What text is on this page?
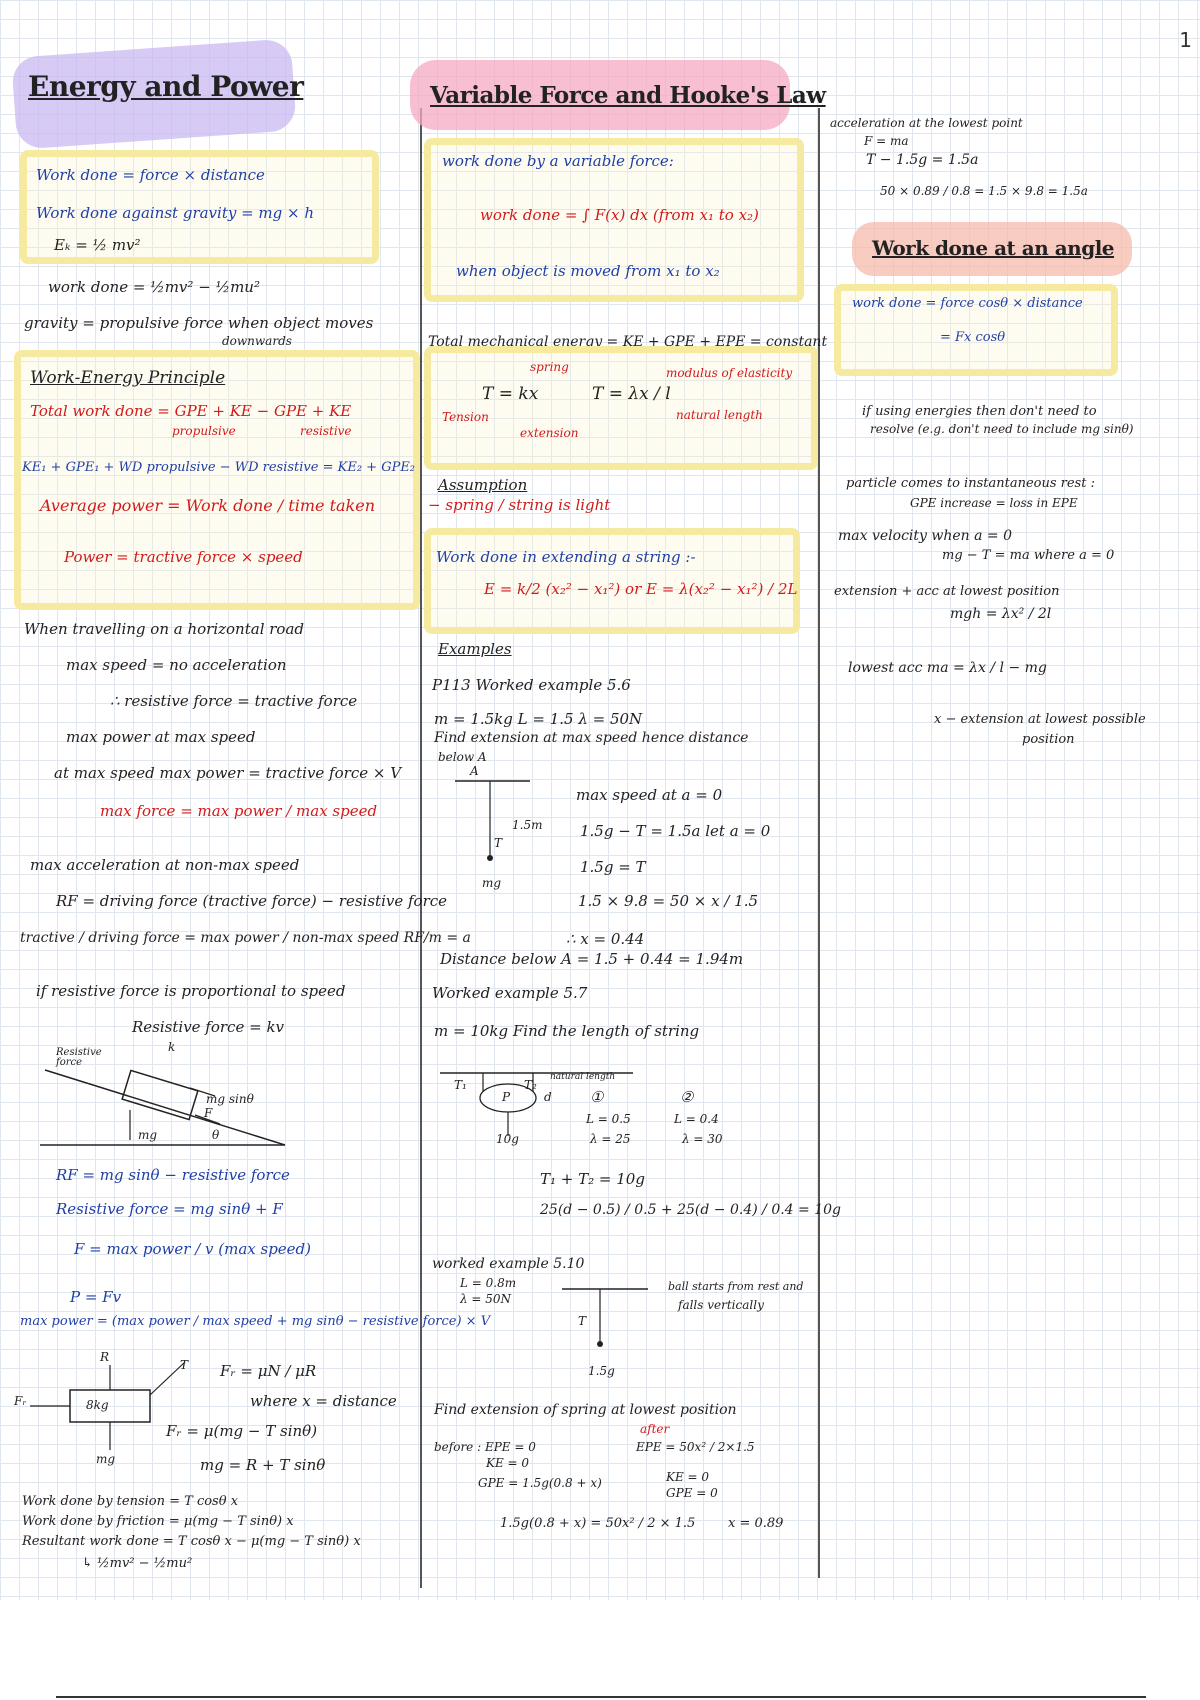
1
Energy and Power
Work done = force × distance
Work done against gravity = mg × h
Eₖ = ½ mv²
work done = ½mv² − ½mu²
gravity = propulsive force when object moves
downwards
Work-Energy Principle
Total work done = GPE + KE − GPE + KE
propulsive	resistive
KE₁ + GPE₁ + WD propulsive − WD resistive = KE₂ + GPE₂
Average power = Work done / time taken
Power = tractive force × speed
When travelling on a horizontal road
max speed = no acceleration
∴ resistive force = tractive force
max power at max speed
at max speed max power = tractive force × V
max force = max power / max speed
max acceleration at non-max speed
RF = driving force (tractive force) − resistive force
tractive / driving force = max power / non-max speed RF/m = a
if resistive force is proportional to speed
Resistive force = kv
Resistive force
k
mg sinθ
F
mg	θ
RF = mg sinθ − resistive force
Resistive force = mg sinθ + F
F = max power / v (max speed)
P = Fv
max power = (max power / max speed + mg sinθ − resistive force) × V
R
T
8kg
Fᵣ
mg
Fᵣ = μN / μR
where x = distance
Fᵣ = μ(mg − T sinθ)
mg = R + T sinθ
Work done by tension = T cosθ x
Work done by friction = μ(mg − T sinθ) x
Resultant work done = T cosθ x − μ(mg − T sinθ) x
↳ ½mv² − ½mu²
Variable Force and Hooke's Law
work done by a variable force:
work done = ∫ F(x) dx (from x₁ to x₂)
when object is moved from x₁ to x₂
Total mechanical energy = KE + GPE + EPE = constant
spring
T = kx
Tension
extension
T = λx / l
modulus of elasticity
natural length
Assumption
− spring / string is light
Work done in extending a string :-
E = k/2 (x₂² − x₁²) or E = λ(x₂² − x₁²) / 2L
Examples
P113 Worked example 5.6
m = 1.5kg L = 1.5 λ = 50N
Find extension at max speed hence distance
below A
A
1.5m
T
mg
max speed at a = 0
1.5g − T = 1.5a let a = 0
1.5g = T
1.5 × 9.8 = 50 × x / 1.5
∴ x = 0.44
Distance below A = 1.5 + 0.44 = 1.94m
Worked example 5.7
m = 10kg Find the length of string
T₁	T₂
P	d
natural length
10g
①
L = 0.5
λ = 25
②
L = 0.4
λ = 30
T₁ + T₂ = 10g
25(d − 0.5) / 0.5 + 25(d − 0.4) / 0.4 = 10g
worked example 5.10
L = 0.8m
λ = 50N
T
1.5g
ball starts from rest and
falls vertically
Find extension of spring at lowest position
after
before : EPE = 0
KE = 0
GPE = 1.5g(0.8 + x)
EPE = 50x² / 2×1.5
KE = 0
GPE = 0
1.5g(0.8 + x) = 50x² / 2 × 1.5	x = 0.89
acceleration at the lowest point
F = ma
T − 1.5g = 1.5a
50 × 0.89 / 0.8 = 1.5 × 9.8 = 1.5a
Work done at an angle
work done = force cosθ × distance
= Fx cosθ
if using energies then don't need to
resolve (e.g. don't need to include mg sinθ)
particle comes to instantaneous rest :
GPE increase = loss in EPE
max velocity when a = 0
mg − T = ma where a = 0
extension + acc at lowest position
mgh = λx² / 2l
lowest acc ma = λx / l − mg
x − extension at lowest possible
position
